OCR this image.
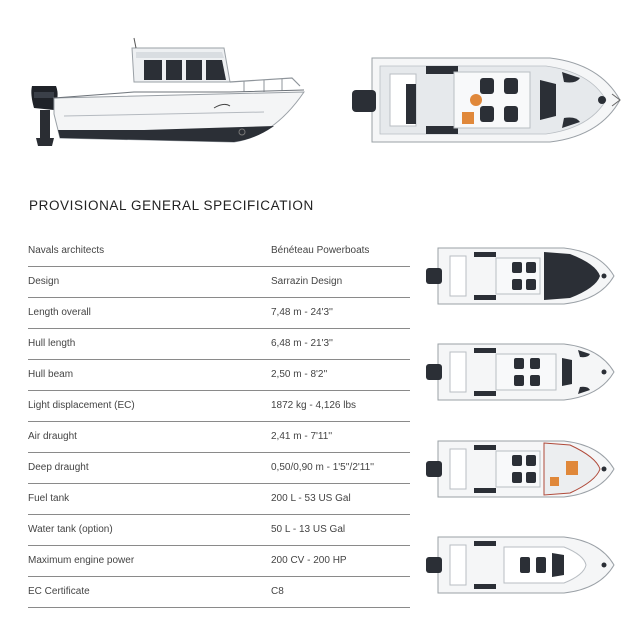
PROVISIONAL GENERAL SPECIFICATION
Navals architects	Bénéteau Powerboats
Design	Sarrazin Design
Length overall	7,48 m - 24'3''
Hull length	6,48 m - 21'3''
Hull beam	2,50 m - 8'2''
Light displacement (EC)	1872 kg - 4,126 lbs
Air draught	2,41 m - 7'11''
Deep draught	0,50/0,90 m - 1'5''/2'11''
Fuel tank	200 L - 53 US Gal
Water tank (option)	50 L - 13 US Gal
Maximum engine power	200 CV - 200 HP
EC Certificate	C8
